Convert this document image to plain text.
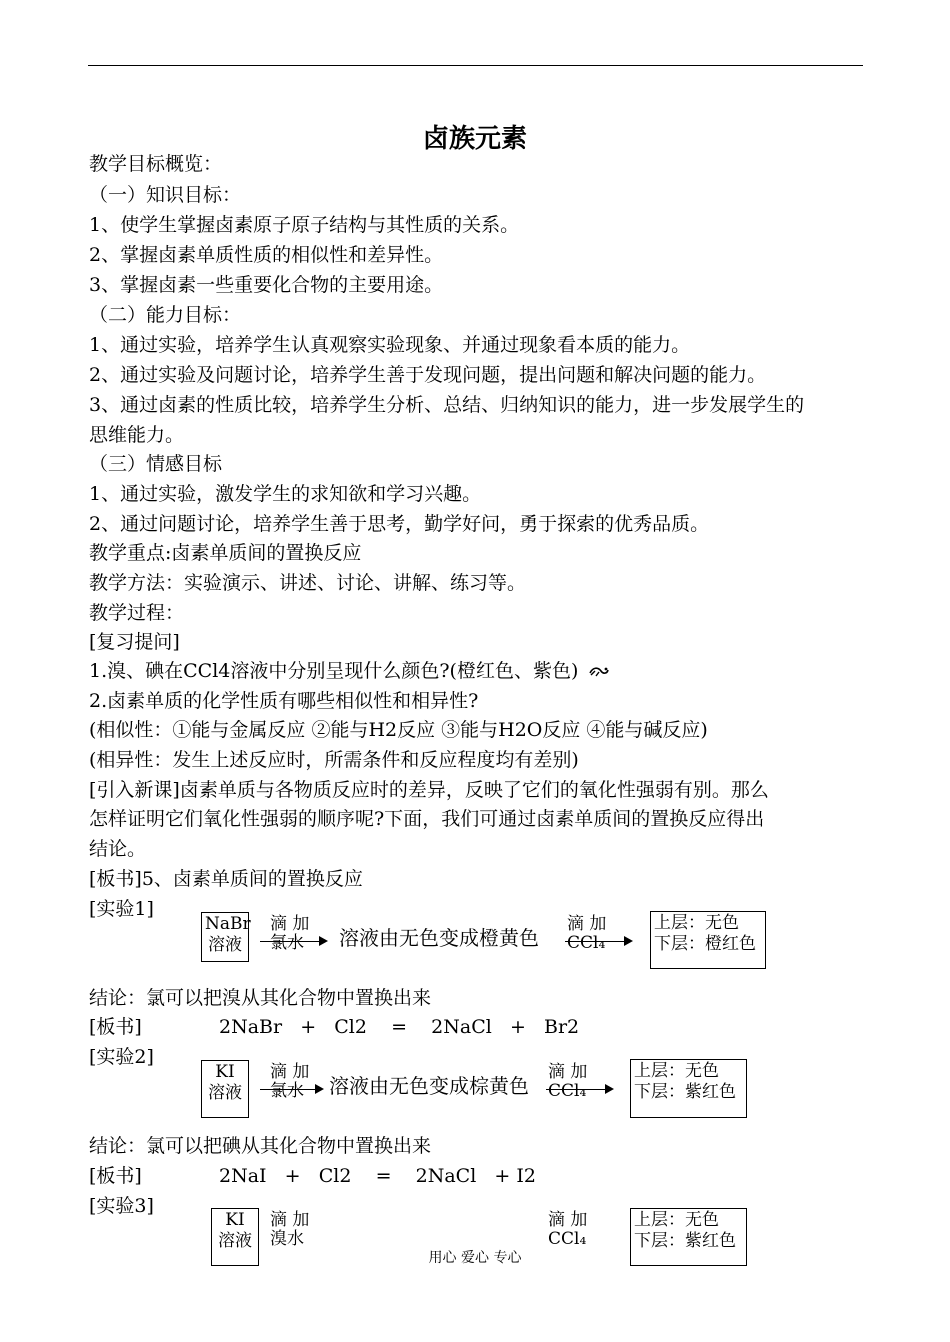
卤族元素
教学目标概览：
（一）知识目标：
1、使学生掌握卤素原子原子结构与其性质的关系。
2、掌握卤素单质性质的相似性和差异性。
3、掌握卤素一些重要化合物的主要用途。
（二）能力目标：
1、通过实验，培养学生认真观察实验现象、并通过现象看本质的能力。
2、通过实验及问题讨论，培养学生善于发现问题，提出问题和解决问题的能力。
3、通过卤素的性质比较，培养学生分析、总结、归纳知识的能力，进一步发展学生的
思维能力。
（三）情感目标
1、通过实验，激发学生的求知欲和学习兴趣。
2、通过问题讨论，培养学生善于思考，勤学好问，勇于探索的优秀品质。
教学重点:卤素单质间的置换反应
教学方法：实验演示、讲述、讨论、讲解、练习等。
教学过程：
[复习提问]
1.溴、碘在CCl4溶液中分别呈现什么颜色?(橙红色、紫色)
2.卤素单质的化学性质有哪些相似性和相异性?
(相似性：①能与金属反应 ②能与H2反应 ③能与H2O反应 ④能与碱反应)
(相异性：发生上述反应时，所需条件和反应程度均有差别)
[引入新课]卤素单质与各物质反应时的差异，反映了它们的氧化性强弱有别。那么
怎样证明它们氧化性强弱的顺序呢?下面，我们可通过卤素单质间的置换反应得出
结论。
[板书]5、卤素单质间的置换反应
[实验1]
NaBr
溶液
滴 加
氯水 溶液由无色变成橙黄色
滴 加
CCl₄
上层：无色
下层：橙红色
结论：氯可以把溴从其化合物中置换出来
[板书]	2NaBr   +   Cl2    =    2NaCl   +   Br2
[实验2]
KI
溶液
滴 加
氯水 → 溶液由无色变成棕黄色
滴 加
CCl₄
上层：无色
下层：紫红色
结论：氯可以把碘从其化合物中置换出来
[板书]	2NaI   +   Cl2    =    2NaCl   + I2
[实验3]
KI
溶液
滴 加
溴水
滴 加
CCl₄
上层：无色
下层：紫红色
用心 爱心 专心
